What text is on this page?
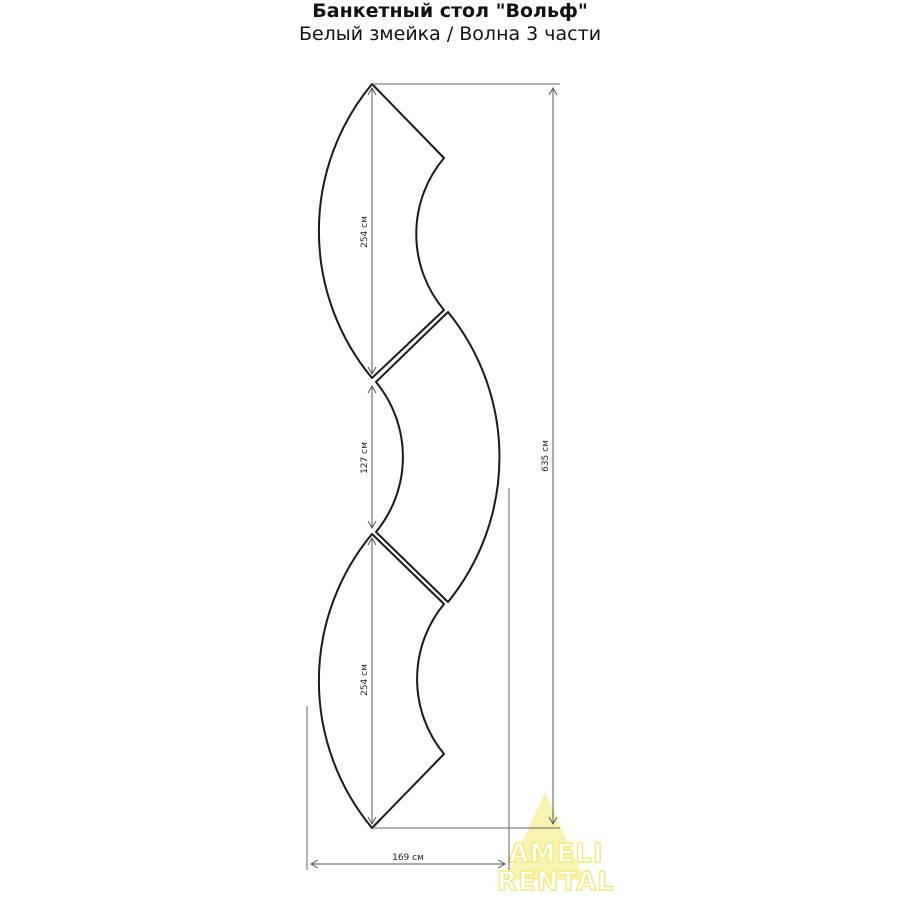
Банкетный стол "Вольф"
Белый змейка / Волна 3 части
AMELI
RENTAL
254 см
127 см
254 см
635 см
169 см
